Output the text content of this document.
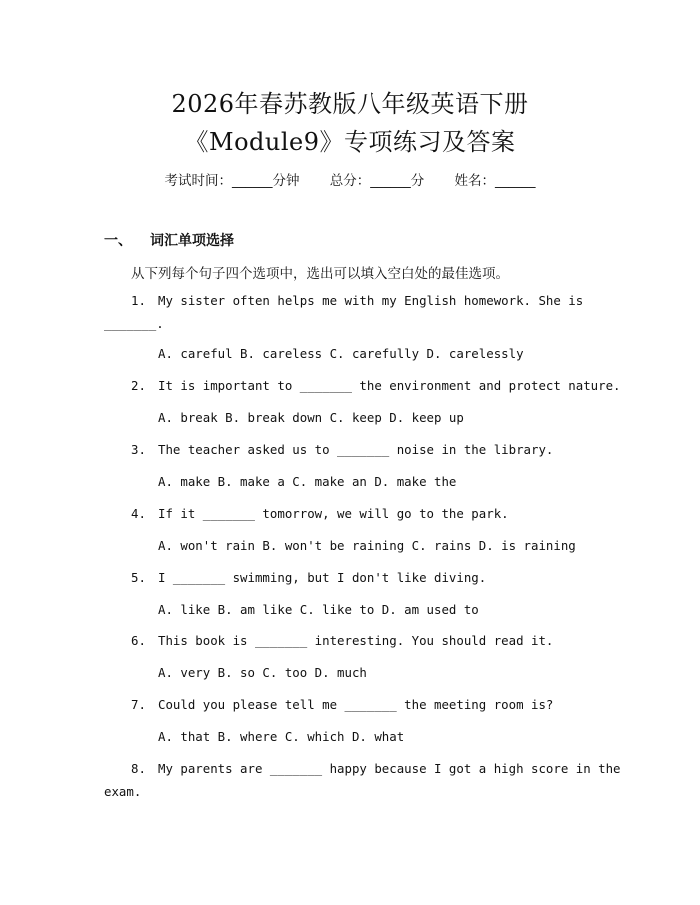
2026年春苏教版八年级英语下册
《Module9》专项练习及答案
考试时间：______分钟 总分：______分 姓名：______
一、 词汇单项选择
从下列每个句子四个选项中，选出可以填入空白处的最佳选项。
1. My sister often helps me with my English homework. She is
_______.
A. careful B. careless C. carefully D. carelessly
2. It is important to _______ the environment and protect nature.
A. break B. break down C. keep D. keep up
3. The teacher asked us to _______ noise in the library.
A. make B. make a C. make an D. make the
4. If it _______ tomorrow, we will go to the park.
A. won't rain B. won't be raining C. rains D. is raining
5. I _______ swimming, but I don't like diving.
A. like B. am like C. like to D. am used to
6. This book is _______ interesting. You should read it.
A. very B. so C. too D. much
7. Could you please tell me _______ the meeting room is?
A. that B. where C. which D. what
8. My parents are _______ happy because I got a high score in the
exam.
